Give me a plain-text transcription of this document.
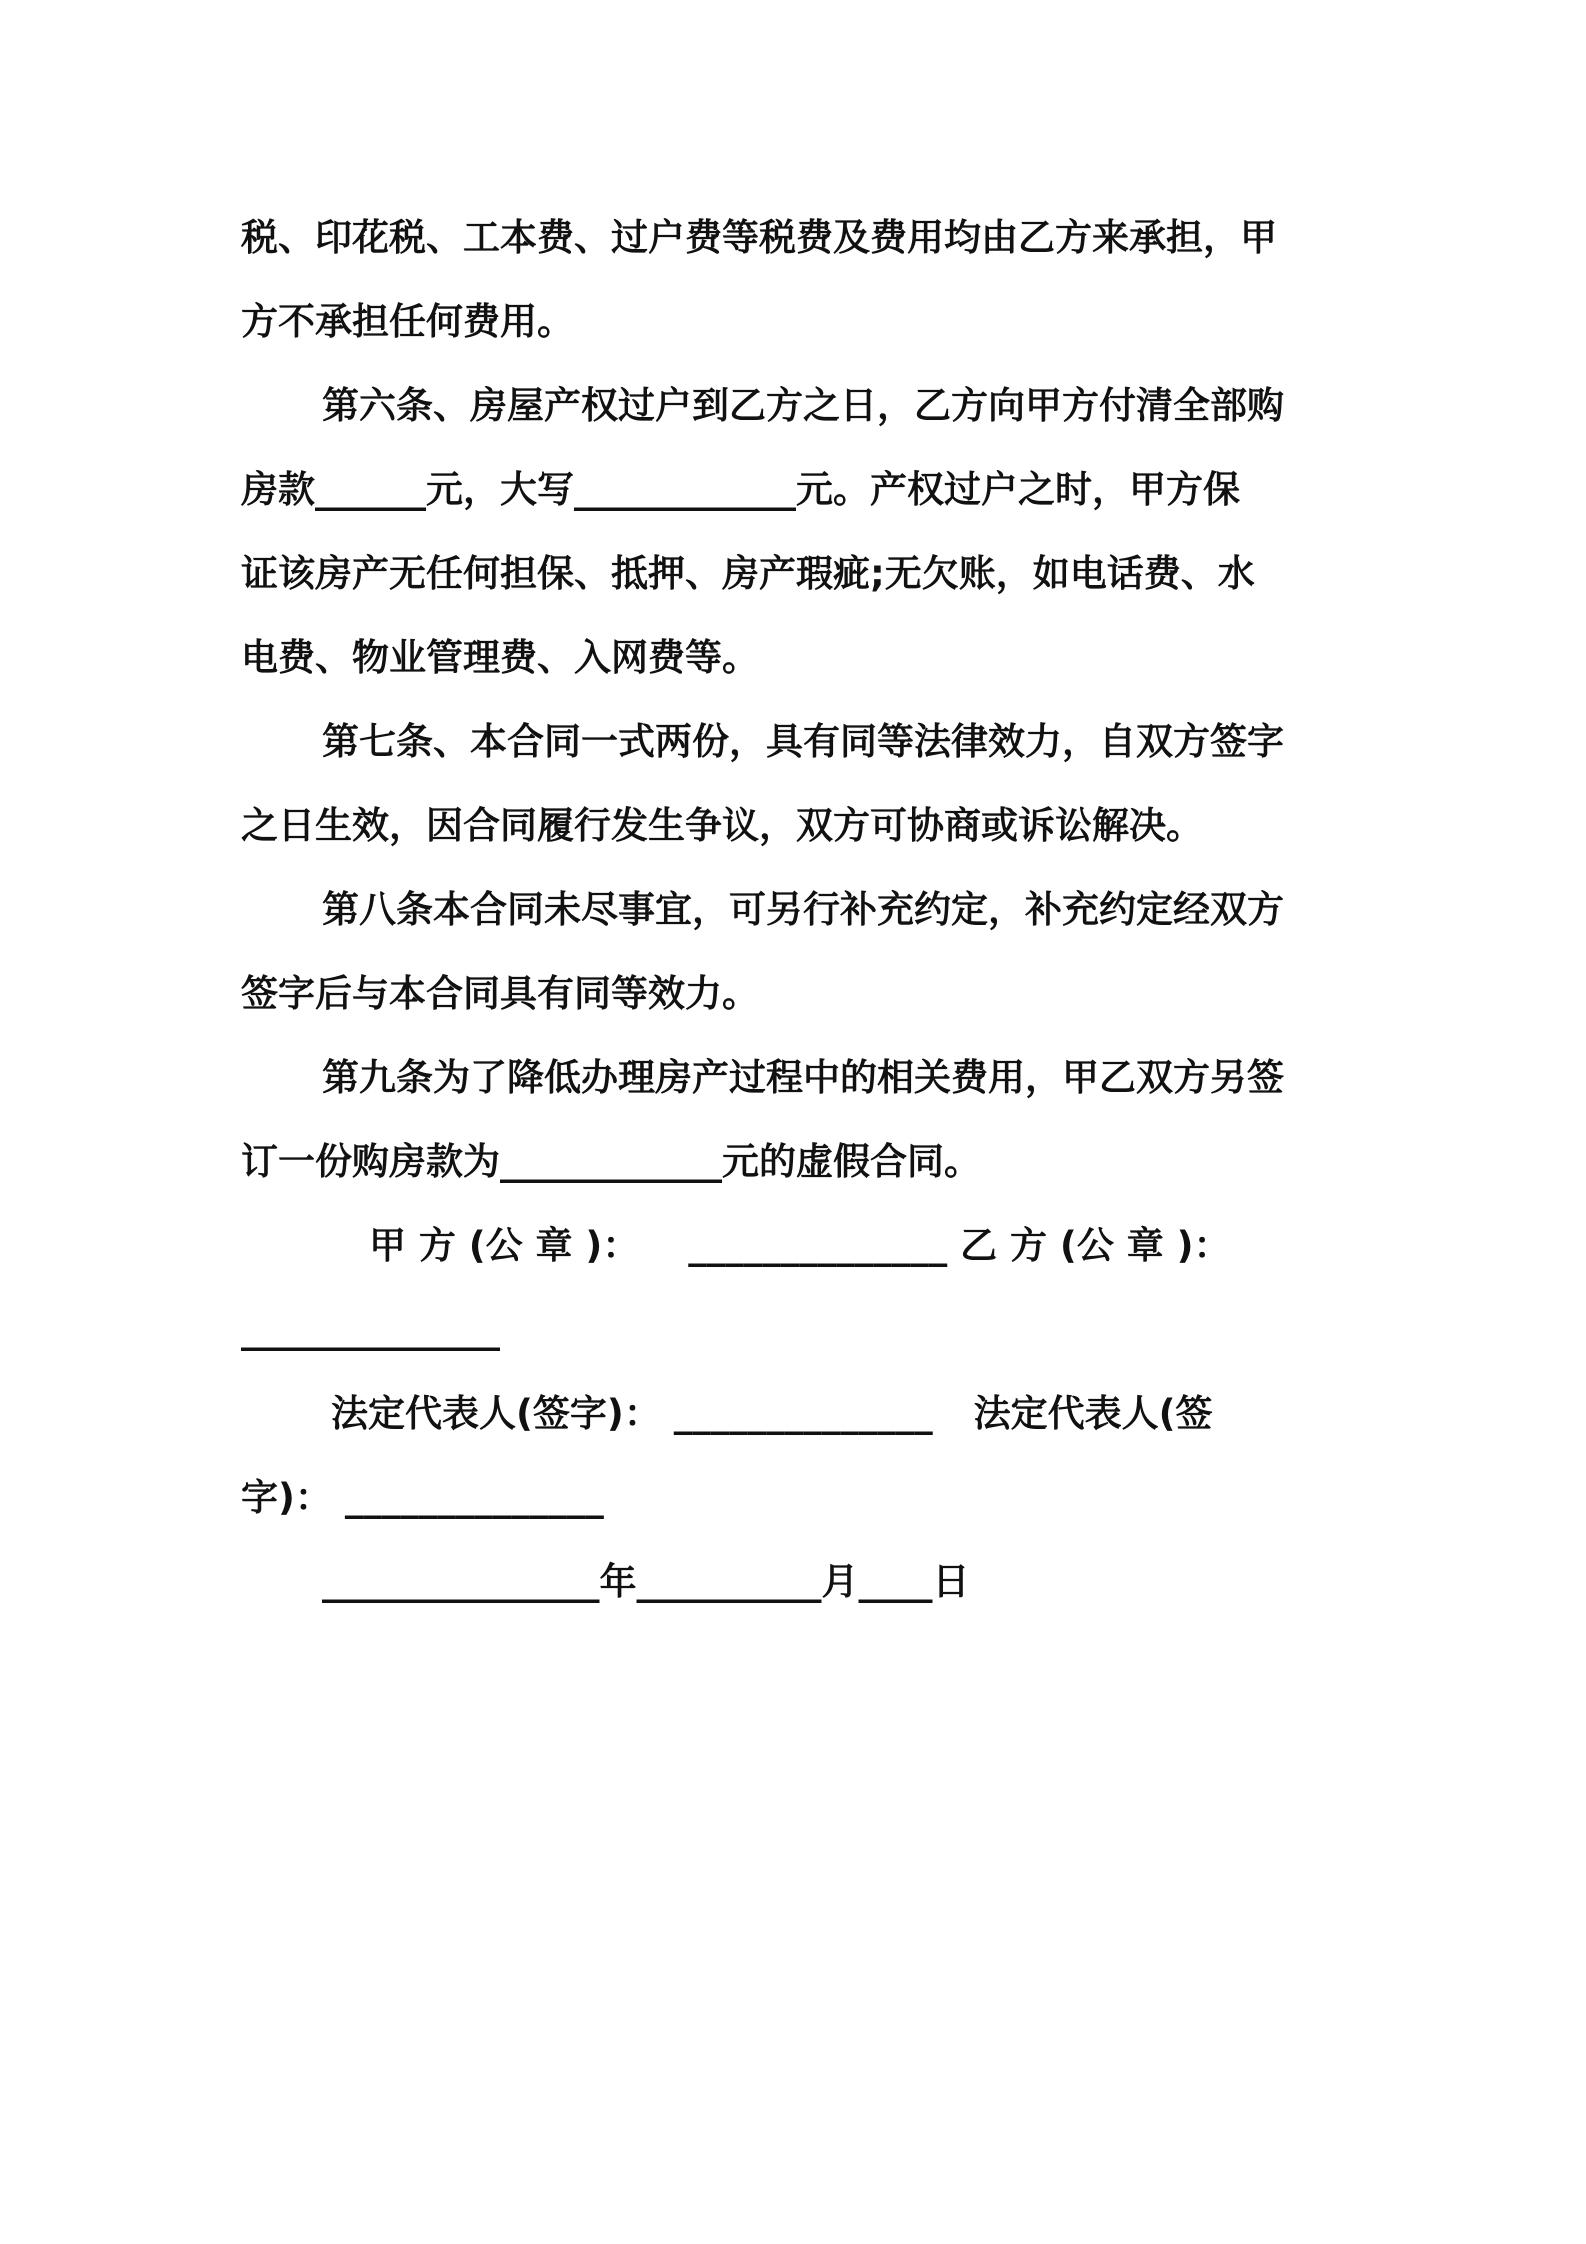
税、印花税、工本费、过户费等税费及费用均由乙方来承担，甲
方不承担任何费用。
第六条、房屋产权过户到乙方之日，乙方向甲方付清全部购
房款______元，大写____________元。产权过户之时，甲方保
证该房产无任何担保、抵押、房产瑕疵;无欠账，如电话费、水
电费、物业管理费、入网费等。
第七条、本合同一式两份，具有同等法律效力，自双方签字
之日生效，因合同履行发生争议，双方可协商或诉讼解决。
第八条本合同未尽事宜，可另行补充约定，补充约定经双方
签字后与本合同具有同等效力。
第九条为了降低办理房产过程中的相关费用，甲乙双方另签
订一份购房款为____________元的虚假合同。
甲 方 (公 章 )： ______________ 乙 方 (公 章 )：
______________
法定代表人(签字)： ______________ 法定代表人(签
字)： ______________
_______________年__________月____日
